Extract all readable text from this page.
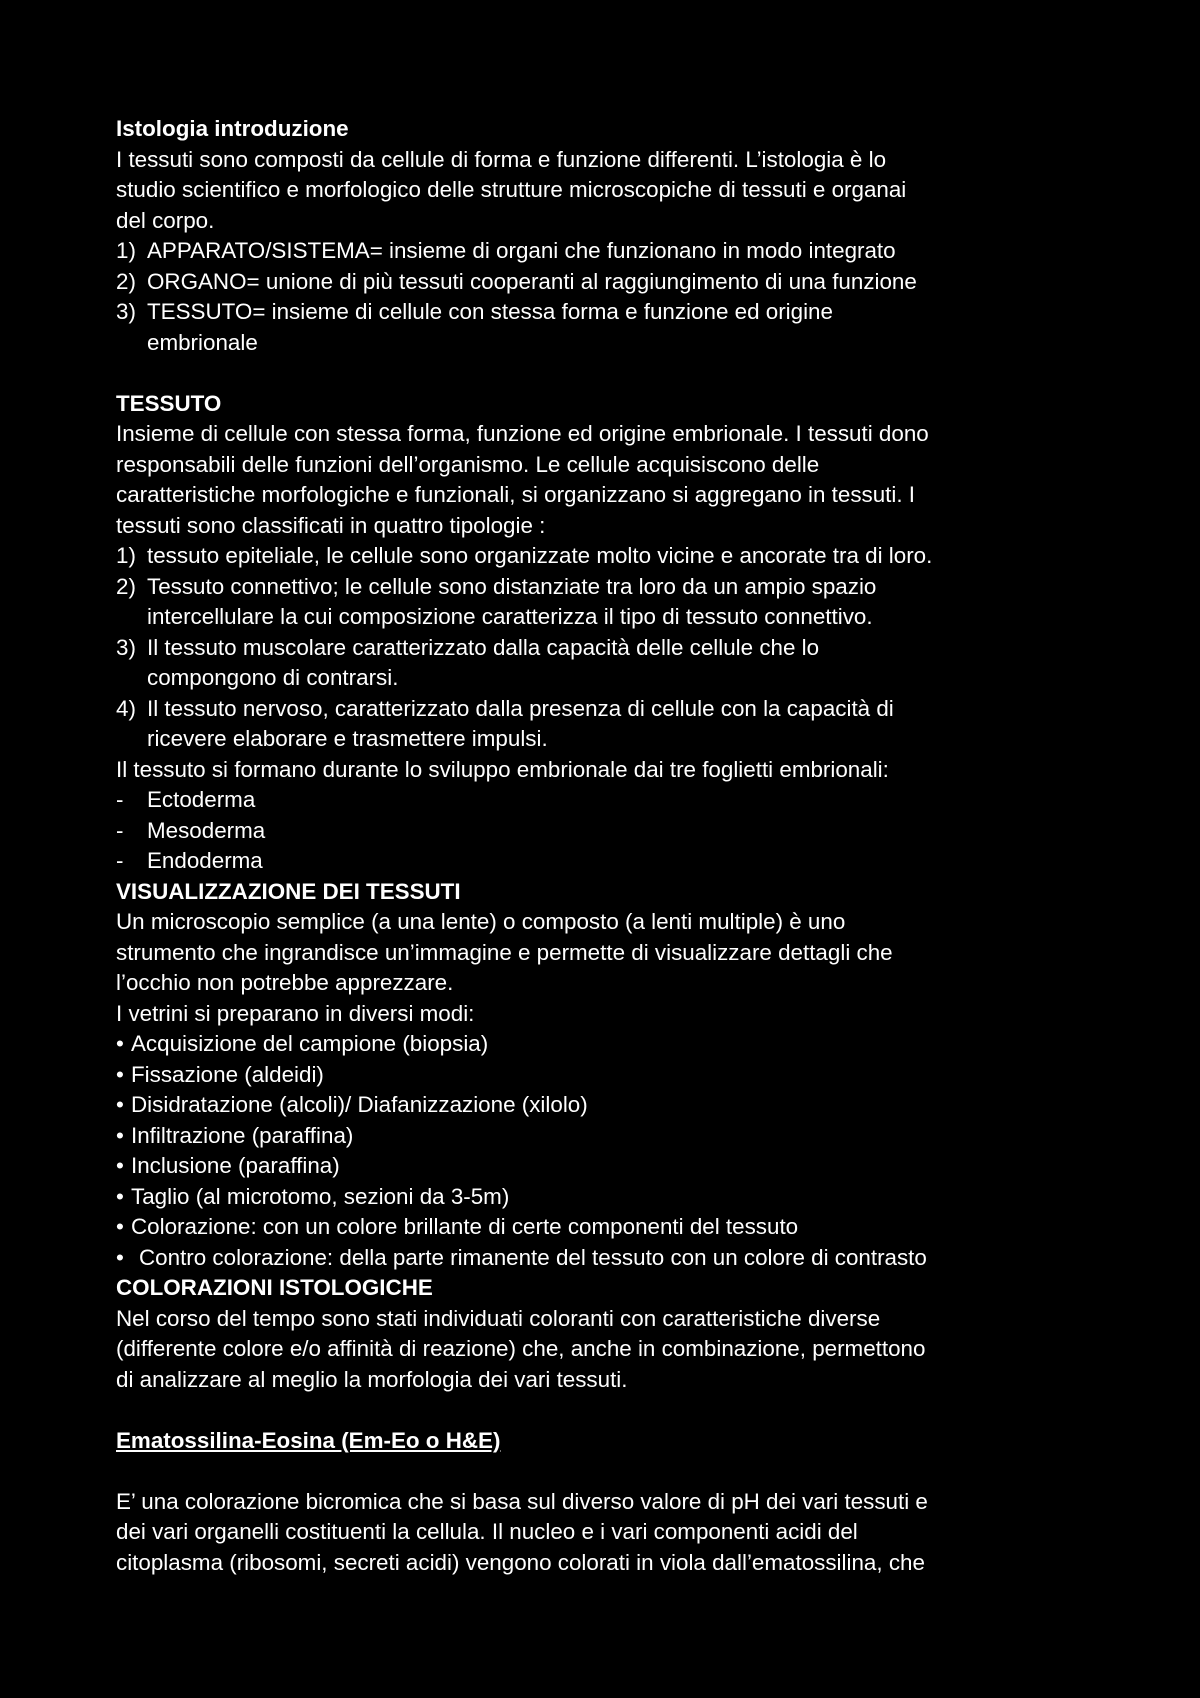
Istologia introduzione
I tessuti sono composti da cellule di forma e funzione differenti. L’istologia è lo
studio scientifico e morfologico delle strutture microscopiche di tessuti e organai
del corpo.
1) APPARATO/SISTEMA= insieme di organi che funzionano in modo integrato
2) ORGANO= unione di più tessuti cooperanti al raggiungimento di una funzione
3) TESSUTO= insieme di cellule con stessa forma e funzione ed origine
embrionale
TESSUTO
Insieme di cellule con stessa forma, funzione ed origine embrionale. I tessuti dono
responsabili delle funzioni dell’organismo. Le cellule acquisiscono delle
caratteristiche morfologiche e funzionali, si organizzano si aggregano in tessuti. I
tessuti sono classificati in quattro tipologie :
1) tessuto epiteliale, le cellule sono organizzate molto vicine e ancorate tra di loro.
2) Tessuto connettivo; le cellule sono distanziate tra loro da un ampio spazio
intercellulare la cui composizione caratterizza il tipo di tessuto connettivo.
3) Il tessuto muscolare caratterizzato dalla capacità delle cellule che lo
compongono di contrarsi.
4) Il tessuto nervoso, caratterizzato dalla presenza di cellule con la capacità di
ricevere elaborare e trasmettere impulsi.
Il tessuto si formano durante lo sviluppo embrionale dai tre foglietti embrionali:
- Ectoderma
- Mesoderma
- Endoderma
VISUALIZZAZIONE DEI TESSUTI
Un microscopio semplice (a una lente) o composto (a lenti multiple) è uno
strumento che ingrandisce un’immagine e permette di visualizzare dettagli che
l’occhio non potrebbe apprezzare.
I vetrini si preparano in diversi modi:
• Acquisizione del campione (biopsia)
• Fissazione (aldeidi)
• Disidratazione (alcoli)/ Diafanizzazione (xilolo)
• Infiltrazione (paraffina)
• Inclusione (paraffina)
• Taglio (al microtomo, sezioni da 3-5m)
• Colorazione: con un colore brillante di certe componenti del tessuto
• Contro colorazione: della parte rimanente del tessuto con un colore di contrasto
COLORAZIONI ISTOLOGICHE
Nel corso del tempo sono stati individuati coloranti con caratteristiche diverse
(differente colore e/o affinità di reazione) che, anche in combinazione, permettono
di analizzare al meglio la morfologia dei vari tessuti.
Ematossilina-Eosina (Em-Eo o H&E)
E’ una colorazione bicromica che si basa sul diverso valore di pH dei vari tessuti e
dei vari organelli costituenti la cellula. Il nucleo e i vari componenti acidi del
citoplasma (ribosomi, secreti acidi) vengono colorati in viola dall’ematossilina, che
